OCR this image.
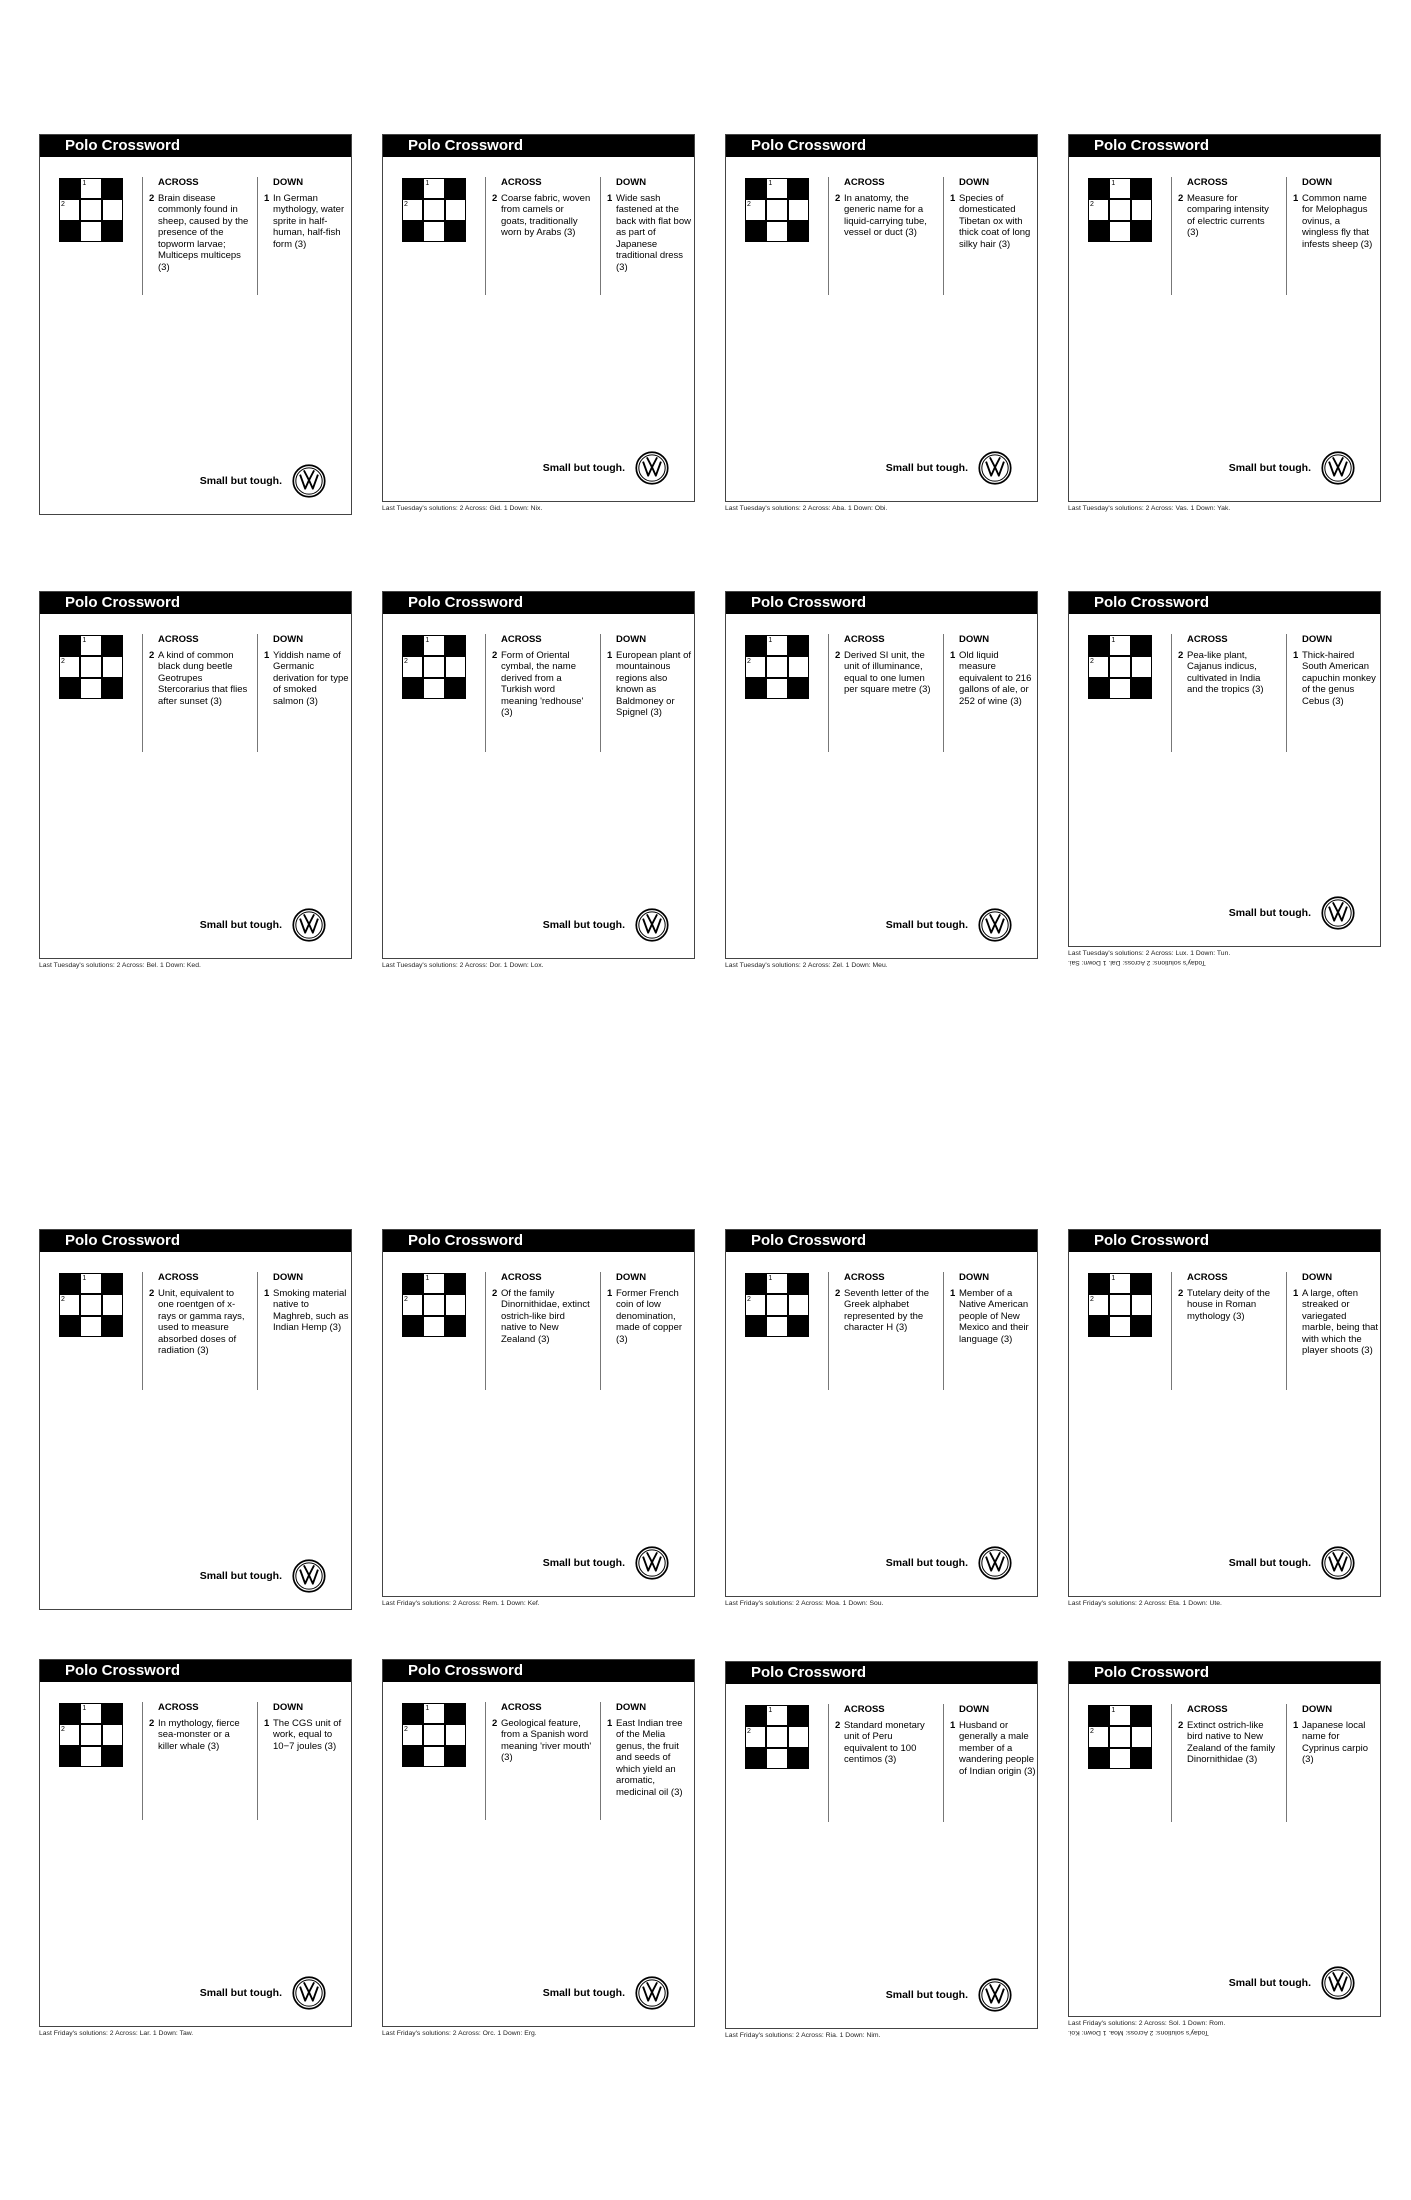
Polo Crossword
1
2
ACROSS
2 Brain disease commonly found in sheep, caused by the presence of the topworm larvae; Multiceps multiceps (3)
DOWN
1 In German mythology, water sprite in half-human, half-fish form (3)
Small but tough.
Polo Crossword
1
2
ACROSS
2 Coarse fabric, woven from camels or goats, traditionally worn by Arabs (3)
DOWN
1 Wide sash fastened at the back with flat bow as part of Japanese traditional dress (3)
Small but tough.
Last Tuesday's solutions: 2 Across: Gid. 1 Down: Nix.
Polo Crossword
1
2
ACROSS
2 In anatomy, the generic name for a liquid-carrying tube, vessel or duct (3)
DOWN
1 Species of domesticated Tibetan ox with thick coat of long silky hair (3)
Small but tough.
Last Tuesday's solutions: 2 Across: Aba. 1 Down: Obi.
Polo Crossword
1
2
ACROSS
2 Measure for comparing intensity of electric currents (3)
DOWN
1 Common name for Melophagus ovinus, a wingless fly that infests sheep (3)
Small but tough.
Last Tuesday's solutions: 2 Across: Vas. 1 Down: Yak.
Polo Crossword
1
2
ACROSS
2 A kind of common black dung beetle Geotrupes Stercorarius that flies after sunset (3)
DOWN
1 Yiddish name of Germanic derivation for type of smoked salmon (3)
Small but tough.
Last Tuesday's solutions: 2 Across: Bel. 1 Down: Ked.
Polo Crossword
1
2
ACROSS
2 Form of Oriental cymbal, the name derived from a Turkish word meaning 'redhouse' (3)
DOWN
1 European plant of mountainous regions also known as Baldmoney or Spignel (3)
Small but tough.
Last Tuesday's solutions: 2 Across: Dor. 1 Down: Lox.
Polo Crossword
1
2
ACROSS
2 Derived SI unit, the unit of illuminance, equal to one lumen per square metre (3)
DOWN
1 Old liquid measure equivalent to 216 gallons of ale, or 252 of wine (3)
Small but tough.
Last Tuesday's solutions: 2 Across: Zel. 1 Down: Meu.
Polo Crossword
1
2
ACROSS
2 Pea-like plant, Cajanus indicus, cultivated in India and the tropics (3)
DOWN
1 Thick-haired South American capuchin monkey of the genus Cebus (3)
Small but tough.
Last Tuesday's solutions: 2 Across: Lux. 1 Down: Tun.
Today's solutions: 2 Across: Dal. 1 Down: Sai.
Polo Crossword
1
2
ACROSS
2 Unit, equivalent to one roentgen of x-rays or gamma rays, used to measure absorbed doses of radiation (3)
DOWN
1 Smoking material native to Maghreb, such as Indian Hemp (3)
Small but tough.
Polo Crossword
1
2
ACROSS
2 Of the family Dinornithidae, extinct ostrich-like bird native to New Zealand (3)
DOWN
1 Former French coin of low denomination, made of copper (3)
Small but tough.
Last Friday's solutions: 2 Across: Rem. 1 Down: Kef.
Polo Crossword
1
2
ACROSS
2 Seventh letter of the Greek alphabet represented by the character H (3)
DOWN
1 Member of a Native American people of New Mexico and their language (3)
Small but tough.
Last Friday's solutions: 2 Across: Moa. 1 Down: Sou.
Polo Crossword
1
2
ACROSS
2 Tutelary deity of the house in Roman mythology (3)
DOWN
1 A large, often streaked or variegated marble, being that with which the player shoots (3)
Small but tough.
Last Friday's solutions: 2 Across: Eta. 1 Down: Ute.
Polo Crossword
1
2
ACROSS
2 In mythology, fierce sea-monster or a killer whale (3)
DOWN
1 The CGS unit of work, equal to 10−7 joules (3)
Small but tough.
Last Friday's solutions: 2 Across: Lar. 1 Down: Taw.
Polo Crossword
1
2
ACROSS
2 Geological feature, from a Spanish word meaning 'river mouth' (3)
DOWN
1 East Indian tree of the Melia genus, the fruit and seeds of which yield an aromatic, medicinal oil (3)
Small but tough.
Last Friday's solutions: 2 Across: Orc. 1 Down: Erg.
Polo Crossword
1
2
ACROSS
2 Standard monetary unit of Peru equivalent to 100 centimos (3)
DOWN
1 Husband or generally a male member of a wandering people of Indian origin (3)
Small but tough.
Last Friday's solutions: 2 Across: Ria. 1 Down: Nim.
Polo Crossword
1
2
ACROSS
2 Extinct ostrich-like bird native to New Zealand of the family Dinornithidae (3)
DOWN
1 Japanese local name for Cyprinus carpio (3)
Small but tough.
Last Friday's solutions: 2 Across: Sol. 1 Down: Rom.
Today's solutions: 2 Across: Moa. 1 Down: Koi.
